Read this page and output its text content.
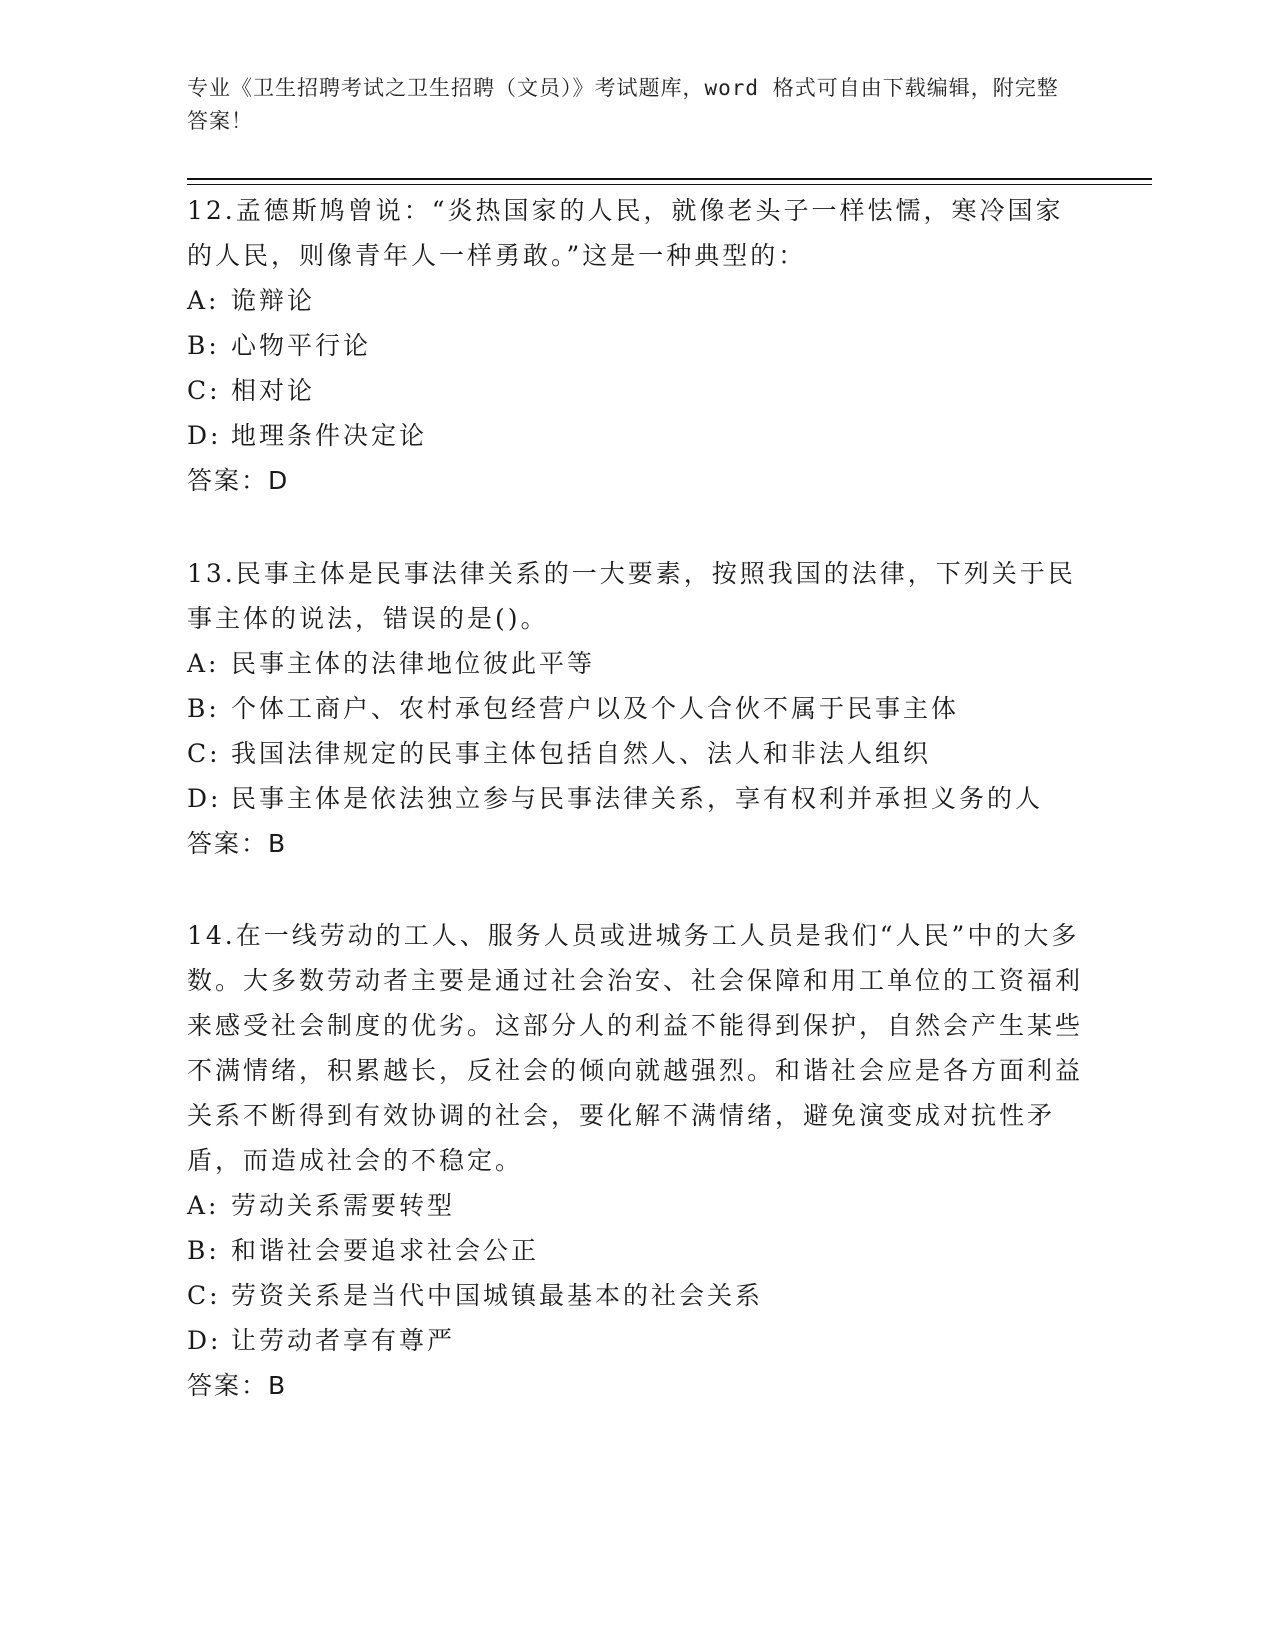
专业《卫生招聘考试之卫生招聘（文员）》考试题库，word 格式可自由下载编辑，附完整答案！
12.孟德斯鸠曾说：“炎热国家的人民，就像老头子一样怯懦，寒冷国家的人民，则像青年人一样勇敢。”这是一种典型的：
A: 诡辩论
B: 心物平行论
C: 相对论
D: 地理条件决定论
答案：D
13.民事主体是民事法律关系的一大要素，按照我国的法律，下列关于民事主体的说法，错误的是()。
A: 民事主体的法律地位彼此平等
B: 个体工商户、农村承包经营户以及个人合伙不属于民事主体
C: 我国法律规定的民事主体包括自然人、法人和非法人组织
D: 民事主体是依法独立参与民事法律关系，享有权利并承担义务的人
答案：B
14.在一线劳动的工人、服务人员或进城务工人员是我们“人民”中的大多数。大多数劳动者主要是通过社会治安、社会保障和用工单位的工资福利来感受社会制度的优劣。这部分人的利益不能得到保护，自然会产生某些不满情绪，积累越长，反社会的倾向就越强烈。和谐社会应是各方面利益关系不断得到有效协调的社会，要化解不满情绪，避免演变成对抗性矛盾，而造成社会的不稳定。
A: 劳动关系需要转型
B: 和谐社会要追求社会公正
C: 劳资关系是当代中国城镇最基本的社会关系
D: 让劳动者享有尊严
答案：B
